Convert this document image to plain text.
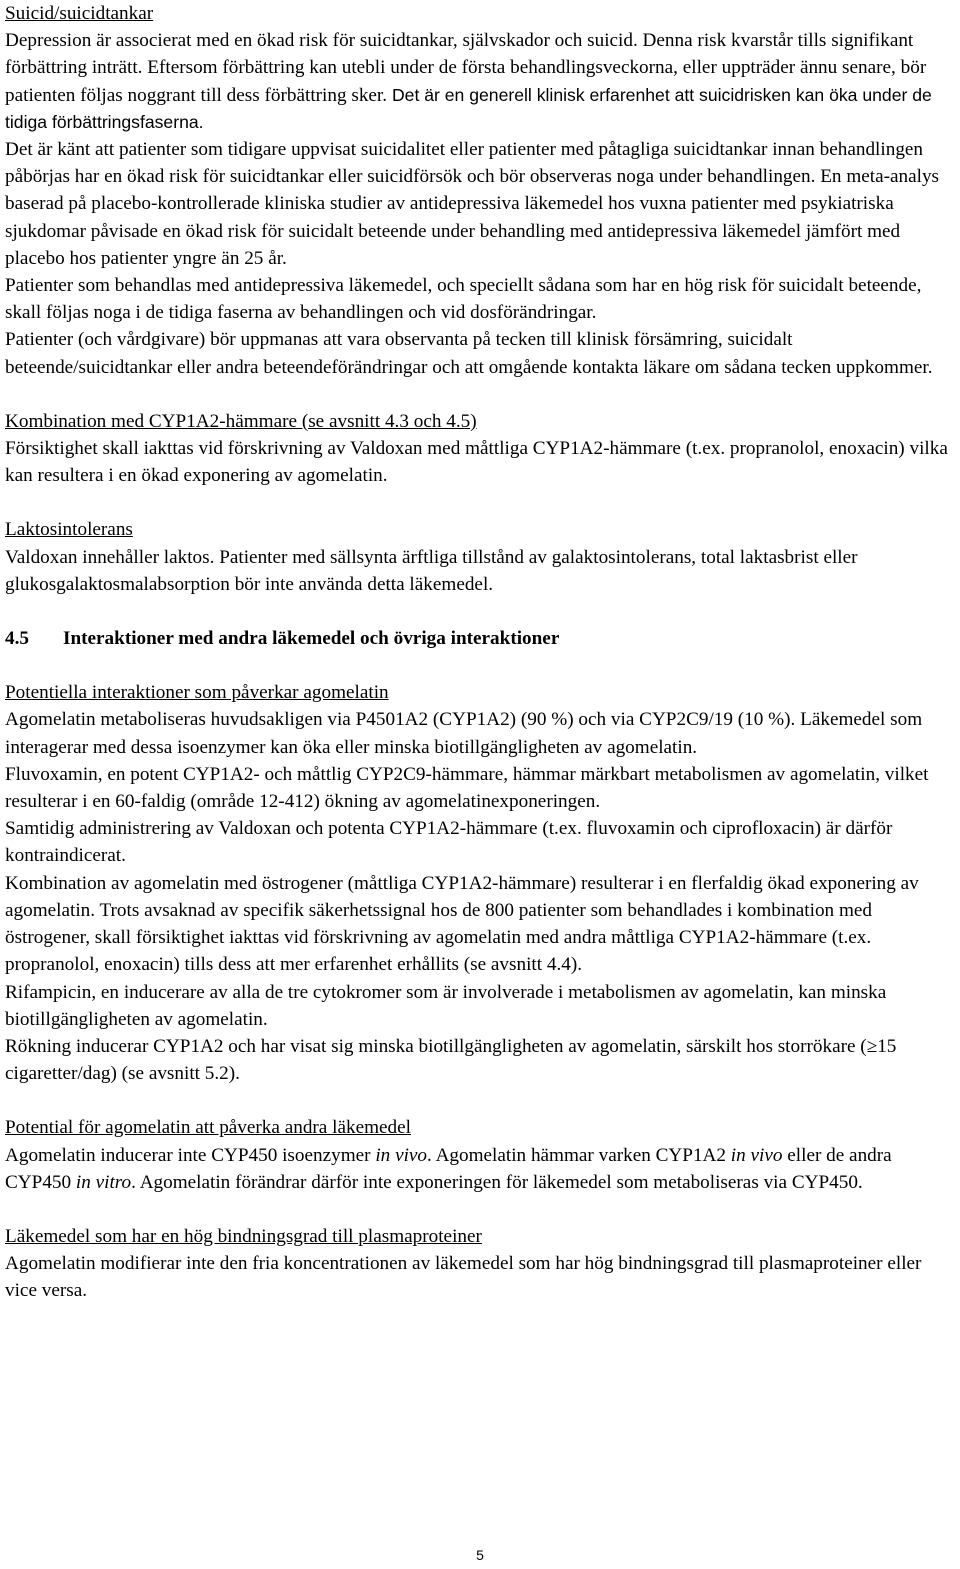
Suicid/suicidtankar

Depression är associerat med en ökad risk för suicidtankar, självskador och suicid. Denna risk kvarstår tills signifikant förbättring inträtt. Eftersom förbättring kan utebli under de första behandlingsveckorna, eller uppträder ännu senare, bör patienten följas noggrant till dess förbättring sker. Det är en generell klinisk erfarenhet att suicidrisken kan öka under de tidiga förbättringsfaserna.

Det är känt att patienter som tidigare uppvisat suicidalitet eller patienter med påtagliga suicidtankar innan behandlingen påbörjas har en ökad risk för suicidtankar eller suicidförsök och bör observeras noga under behandlingen. En meta-analys baserad på placebo-kontrollerade kliniska studier av antidepressiva läkemedel hos vuxna patienter med psykiatriska sjukdomar påvisade en ökad risk för suicidalt beteende under behandling med antidepressiva läkemedel jämfört med placebo hos patienter yngre än 25 år.

Patienter som behandlas med antidepressiva läkemedel, och speciellt sådana som har en hög risk för suicidalt beteende, skall följas noga i de tidiga faserna av behandlingen och vid dosförändringar.

Patienter (och vårdgivare) bör uppmanas att vara observanta på tecken till klinisk försämring, suicidalt beteende/suicidtankar eller andra beteendeförändringar och att omgående kontakta läkare om sådana tecken uppkommer.

Kombination med CYP1A2-hämmare (se avsnitt 4.3 och 4.5)

Försiktighet skall iakttas vid förskrivning av Valdoxan med måttliga CYP1A2-hämmare (t.ex. propranolol, enoxacin) vilka kan resultera i en ökad exponering av agomelatin.

Laktosintolerans

Valdoxan innehåller laktos. Patienter med sällsynta ärftliga tillstånd av galaktosintolerans, total laktasbrist eller glukosgalaktosmalabsorption bör inte använda detta läkemedel.

4.5 Interaktioner med andra läkemedel och övriga interaktioner

Potentiella interaktioner som påverkar agomelatin

Agomelatin metaboliseras huvudsakligen via P4501A2 (CYP1A2) (90 %) och via CYP2C9/19 (10 %). Läkemedel som interagerar med dessa isoenzymer kan öka eller minska biotillgängligheten av agomelatin.

Fluvoxamin, en potent CYP1A2- och måttlig CYP2C9-hämmare, hämmar märkbart metabolismen av agomelatin, vilket resulterar i en 60-faldig (område 12-412) ökning av agomelatinexponeringen.

Samtidig administrering av Valdoxan och potenta CYP1A2-hämmare (t.ex. fluvoxamin och ciprofloxacin) är därför kontraindicerat.

Kombination av agomelatin med östrogener (måttliga CYP1A2-hämmare) resulterar i en flerfaldig ökad exponering av agomelatin. Trots avsaknad av specifik säkerhetssignal hos de 800 patienter som behandlades i kombination med östrogener, skall försiktighet iakttas vid förskrivning av agomelatin med andra måttliga CYP1A2-hämmare (t.ex. propranolol, enoxacin) tills dess att mer erfarenhet erhållits (se avsnitt 4.4).

Rifampicin, en inducerare av alla de tre cytokromer som är involverade i metabolismen av agomelatin, kan minska biotillgängligheten av agomelatin.

Rökning inducerar CYP1A2 och har visat sig minska biotillgängligheten av agomelatin, särskilt hos storrökare (≥15 cigaretter/dag) (se avsnitt 5.2).

Potential för agomelatin att påverka andra läkemedel

Agomelatin inducerar inte CYP450 isoenzymer in vivo. Agomelatin hämmar varken CYP1A2 in vivo eller de andra CYP450 in vitro. Agomelatin förändrar därför inte exponeringen för läkemedel som metaboliseras via CYP450.

Läkemedel som har en hög bindningsgrad till plasmaproteiner

Agomelatin modifierar inte den fria koncentrationen av läkemedel som har hög bindningsgrad till plasmaproteiner eller vice versa.

5
